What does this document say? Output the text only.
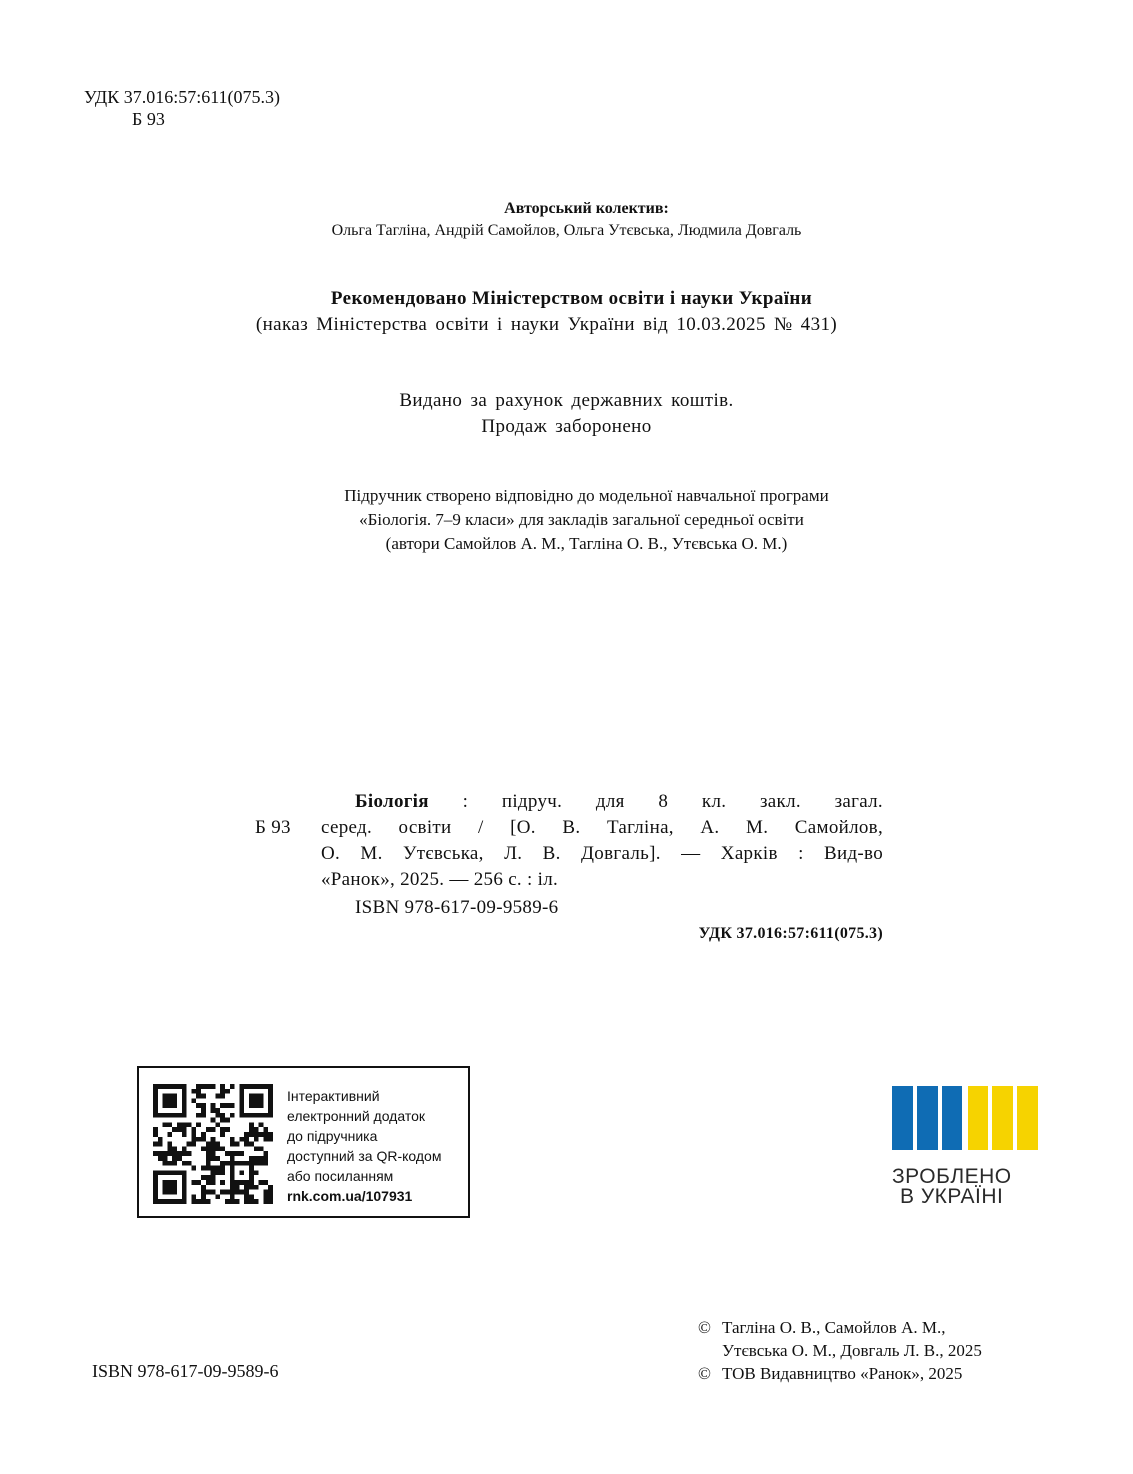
УДК 37.016:57:611(075.3)
Б 93
Авторський колектив:
Ольга Тагліна, Андрій Самойлов, Ольга Утєвська, Людмила Довгаль
Рекомендовано Міністерством освіти і науки України
(наказ Міністерства освіти і науки України від 10.03.2025 № 431)
Видано за рахунок державних коштів.
Продаж заборонено
Підручник створено відповідно до модельної навчальної програми
«Біологія. 7–9 класи» для закладів загальної середньої освіти
(автори Самойлов А. М., Тагліна О. В., Утєвська О. М.)
Біологія : підруч. для 8 кл. закл. загал.
Б 93	серед. освіти / [О. В. Тагліна, А. М. Самойлов,
О. М. Утєвська, Л. В. Довгаль]. — Харків : Вид-во
«Ранок», 2025. — 256 с. : іл.
ISBN 978-617-09-9589-6
УДК 37.016:57:611(075.3)
Інтерактивний
електронний додаток
до підручника
доступний за QR-кодом
або посиланням
rnk.com.ua/107931
ЗРОБЛЕНО
В УКРАЇНІ
ISBN 978-617-09-9589-6
© Тагліна О. В., Самойлов А. М.,
Утєвська О. М., Довгаль Л. В., 2025
© ТОВ Видавництво «Ранок», 2025
